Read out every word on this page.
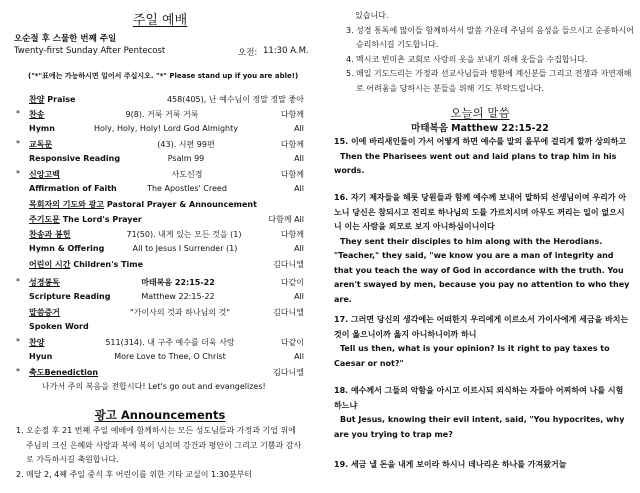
주일 예배
오순절 후 스물한 번째 주일
Twenty-first Sunday After Pentecost	오전: 11:30 A.M.
("*"표에는 가능하시면 일어서 주십시오. "*" Please stand up if you are able!)
찬양 Praise	458(405), 난 예수님이 정말 정말 좋아
* 찬송	9(8). 거룩 거룩 거룩	다함께
Hymn	Holy, Holy, Holy! Lord God Almighty	All
* 교독문	(43). 시편 99편	다함께
Responsive Reading	Psalm 99	All
* 신앙고백	사도신경	다함께
Affirmation of Faith	The Apostles' Creed	All
목회자의 기도와 광고 Pastoral Prayer & Announcement
주기도문 The Lord's Prayer	다함께 All
찬송과 봉헌	71(50). 내게 있는 모든 것을 (1)	다함께
Hymn & Offering	All to Jesus I Surrender (1)	All
어린이 시간 Children's Time	김다니엘
* 성경봉독	마태복음 22:15-22	다같이
Scripture Reading	Matthew 22:15-22	All
말씀증거	"가이사의 것과 하나님의 것"	김다니엘
Spoken Word
* 찬양	511(314). 내 구주 예수를 더욱 사랑	다같이
Hyun	More Love to Thee, O Christ	All
* 축도Benediction	김다니엘
나가서 주의 복음을 전합시다! Let's go out and evangelizes!
광고 Announcements
1. 오순절 후 21 번째 주일 예배에 함께하시는 모든 성도님들과 가정과 기업 위에 주님의 크신 은혜와 사랑과 복에 복이 넘치며 강건과 평안이 그리고 기쁨과 감사로 가득하시길 축원합니다.
2. 매달 2, 4째 주일 중식 후 어린이를 위한 기타 교실이 1:30분부터
있습니다.
3. 성경 통독에 많이들 함께하셔서 말씀 가운데 주님의 음성을 들으시고 순종하시어 승리하시길 기도합니다.
4. 멕시코 빈미촌 교회로 사랑의 옷을 보내기 위해 옷들을 수집합니다.
5. 매일 기도드리는 가정과 선교사님들과 병환에 계신분들 그리고 전쟁과 자연재해로 어려움을 당하시는 분들을 위해 기도 부탁드립니다.
오늘의 말씀
마태복음 Matthew 22:15-22
15. 이에 바리새인들이 가서 어떻게 하면 예수를 말의 올무에 걸리게 할까 상의하고
Then the Pharisees went out and laid plans to trap him in his words.
16. 자기 제자들을 헤롯 당원들과 함께 예수께 보내어 말하되 선생님이여 우리가 아노니 당신은 참되시고 진리로 하나님의 도를 가르치시며 아무도 꺼리는 일이 없으시니 이는 사람을 외모로 보지 아니하심이니이다
They sent their disciples to him along with the Herodians. "Teacher," they said, "we know you are a man of integrity and that you teach the way of God in accordance with the truth. You aren't swayed by men, because you pay no attention to who they are.
17. 그러면 당신의 생각에는 어떠한지 우리에게 이르소서 가이사에게 세금을 바치는 것이 옳으니이까 옳지 아니하니이까 하니
Tell us then, what is your opinion? Is it right to pay taxes to Caesar or not?"
18. 예수께서 그들의 악함을 아시고 이르시되 외식하는 자들아 어찌하여 나를 시험하느냐
But Jesus, knowing their evil intent, said, "You hypocrites, why are you trying to trap me?
19. 세금 낼 돈을 내게 보이라 하시니 데나리온 하나를 가져왔거늘
